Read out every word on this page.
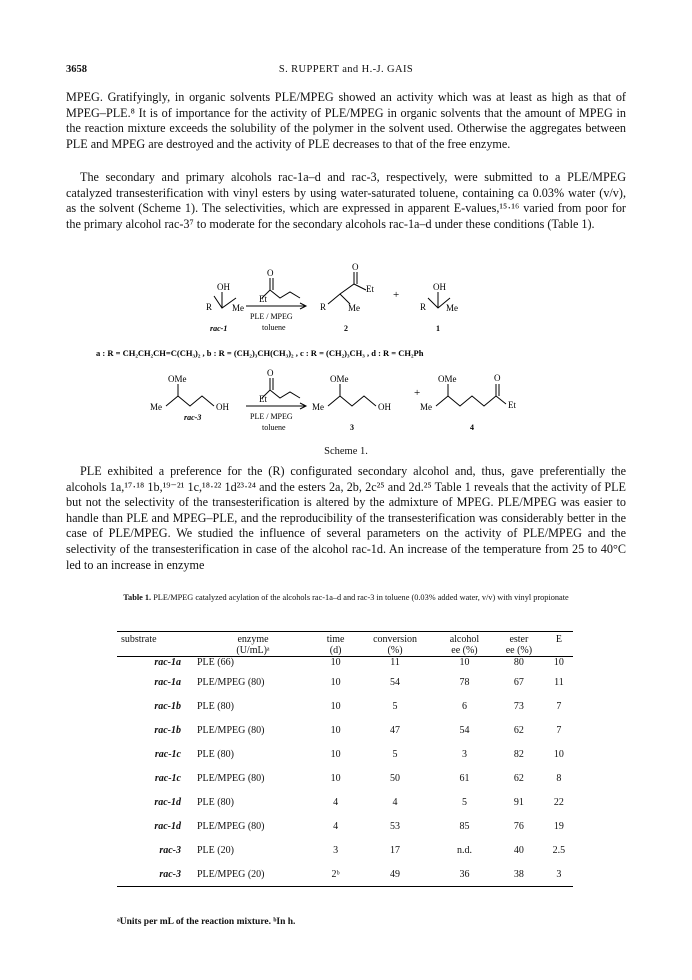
3658	S. RUPPERT and H.-J. GAIS

MPEG. Gratifyingly, in organic solvents PLE/MPEG showed an activity which was at least as high as that of MPEG–PLE.⁸ It is of importance for the activity of PLE/MPEG in organic solvents that the amount of MPEG in the reaction mixture exceeds the solubility of the polymer in the solvent used. Otherwise the aggregates between PLE and MPEG are destroyed and the activity of PLE decreases to that of the free enzyme.

The secondary and primary alcohols rac-1a–d and rac-3, respectively, were submitted to a PLE/MPEG catalyzed transesterification with vinyl esters by using water-saturated toluene, containing ca 0.03% water (v/v), as the solvent (Scheme 1). The selectivities, which are expressed in apparent E-values,¹⁵·¹⁶ varied from poor for the primary alcohol rac-3⁷ to moderate for the secondary alcohols rac-1a–d under these conditions (Table 1).

OH
R Me
Et
O
PLE / MPEG
toluene
O
Et
R Me
+
OH
R Me
rac-1	2	1
a : R = CH₂CH₂CH=C(CH₃)₂ , b : R = (CH₂)₃CH(CH₃)₂ , c : R = (CH₂)₃CH₃ , d : R = CH₂Ph
OMe
Me	OH
Et
O
PLE / MPEG
toluene
OMe
Me	OH
+
OMe
Me
O
Et
rac-3
3	4
Scheme 1.

PLE exhibited a preference for the (R) configurated secondary alcohol and, thus, gave preferentially the alcohols 1a,¹⁷·¹⁸ 1b,¹⁹⁻²¹ 1c,¹⁸·²² 1d²³·²⁴ and the esters 2a, 2b, 2c²⁵ and 2d.²⁵ Table 1 reveals that the activity of PLE but not the selectivity of the transesterification is altered by the admixture of MPEG. PLE/MPEG was easier to handle than PLE and MPEG–PLE, and the reproducibility of the transesterification was considerably better in the case of PLE/MPEG. We studied the influence of several parameters on the activity of PLE/MPEG and the selectivity of the transesterification in case of the alcohol rac-1d. An increase of the temperature from 25 to 40°C led to an increase in enzyme

Table 1. PLE/MPEG catalyzed acylation of the alcohols rac-1a–d and rac-3 in toluene (0.03% added water, v/v) with vinyl propionate
substrate	enzyme	time	conversion	alcohol	ester	E
	(U/mL)ᵃ	(d)	(%)	ee (%)	ee (%)	
rac-1a	PLE (66)	10	11	10	80	10
rac-1a	PLE/MPEG (80)	10	54	78	67	11
rac-1b	PLE (80)	10	5	6	73	7
rac-1b	PLE/MPEG (80)	10	47	54	62	7
rac-1c	PLE (80)	10	5	3	82	10
rac-1c	PLE/MPEG (80)	10	50	61	62	8
rac-1d	PLE (80)	4	4	5	91	22
rac-1d	PLE/MPEG (80)	4	53	85	76	19
rac-3	PLE (20)	3	17	n.d.	40	2.5
rac-3	PLE/MPEG (20)	2ᵇ	49	36	38	3
ᵃUnits per mL of the reaction mixture. ᵇIn h.
